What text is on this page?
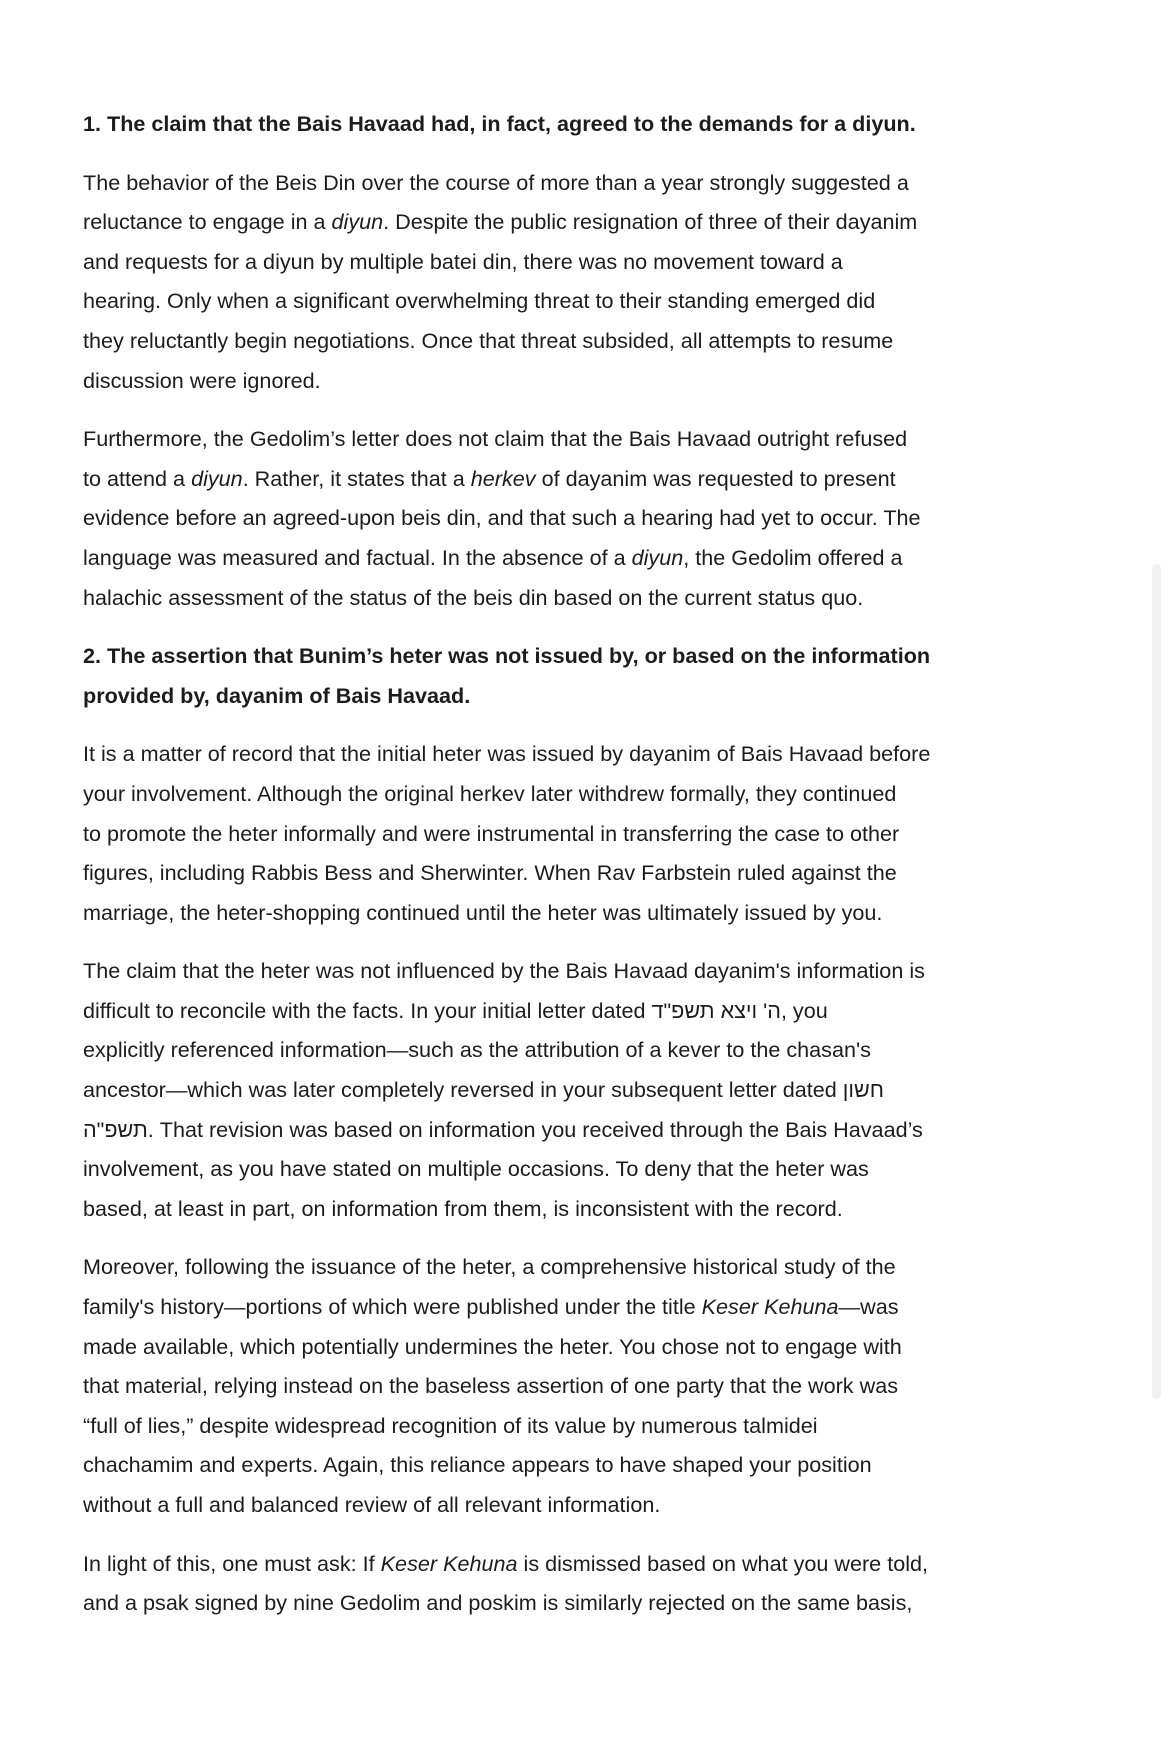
1. The claim that the Bais Havaad had, in fact, agreed to the demands for a diyun.
The behavior of the Beis Din over the course of more than a year strongly suggested a
reluctance to engage in a diyun. Despite the public resignation of three of their dayanim
and requests for a diyun by multiple batei din, there was no movement toward a
hearing. Only when a significant overwhelming threat to their standing emerged did
they reluctantly begin negotiations. Once that threat subsided, all attempts to resume
discussion were ignored.
Furthermore, the Gedolim’s letter does not claim that the Bais Havaad outright refused
to attend a diyun. Rather, it states that a herkev of dayanim was requested to present
evidence before an agreed-upon beis din, and that such a hearing had yet to occur. The
language was measured and factual. In the absence of a diyun, the Gedolim offered a
halachic assessment of the status of the beis din based on the current status quo.
2. The assertion that Bunim’s heter was not issued by, or based on the information
provided by, dayanim of Bais Havaad.
It is a matter of record that the initial heter was issued by dayanim of Bais Havaad before
your involvement. Although the original herkev later withdrew formally, they continued
to promote the heter informally and were instrumental in transferring the case to other
figures, including Rabbis Bess and Sherwinter. When Rav Farbstein ruled against the
marriage, the heter-shopping continued until the heter was ultimately issued by you.
The claim that the heter was not influenced by the Bais Havaad dayanim's information is
difficult to reconcile with the facts. In your initial letter dated ה' ויצא תשפ"ד, you
explicitly referenced information—such as the attribution of a kever to the chasan's
ancestor—which was later completely reversed in your subsequent letter dated חשון
תשפ"ה. That revision was based on information you received through the Bais Havaad’s
involvement, as you have stated on multiple occasions. To deny that the heter was
based, at least in part, on information from them, is inconsistent with the record.
Moreover, following the issuance of the heter, a comprehensive historical study of the
family's history—portions of which were published under the title Keser Kehuna—was
made available, which potentially undermines the heter. You chose not to engage with
that material, relying instead on the baseless assertion of one party that the work was
“full of lies,” despite widespread recognition of its value by numerous talmidei
chachamim and experts. Again, this reliance appears to have shaped your position
without a full and balanced review of all relevant information.
In light of this, one must ask: If Keser Kehuna is dismissed based on what you were told,
and a psak signed by nine Gedolim and poskim is similarly rejected on the same basis,
